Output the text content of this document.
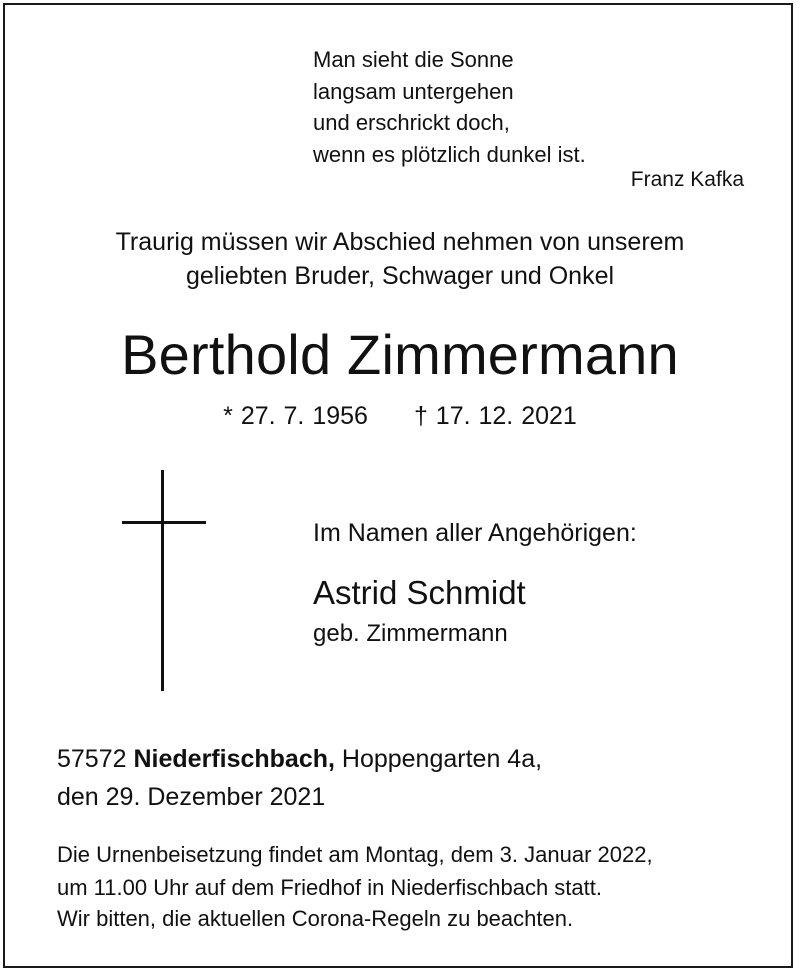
Man sieht die Sonne
langsam untergehen
und erschrickt doch,
wenn es plötzlich dunkel ist.
Franz Kafka
Traurig müssen wir Abschied nehmen von unserem
geliebten Bruder, Schwager und Onkel
Berthold Zimmermann
* 27. 7. 1956 † 17. 12. 2021
Im Namen aller Angehörigen:
Astrid Schmidt
geb. Zimmermann
57572 Niederfischbach, Hoppengarten 4a,
den 29. Dezember 2021
Die Urnenbeisetzung findet am Montag, dem 3. Januar 2022,
um 11.00 Uhr auf dem Friedhof in Niederfischbach statt.
Wir bitten, die aktuellen Corona-Regeln zu beachten.
